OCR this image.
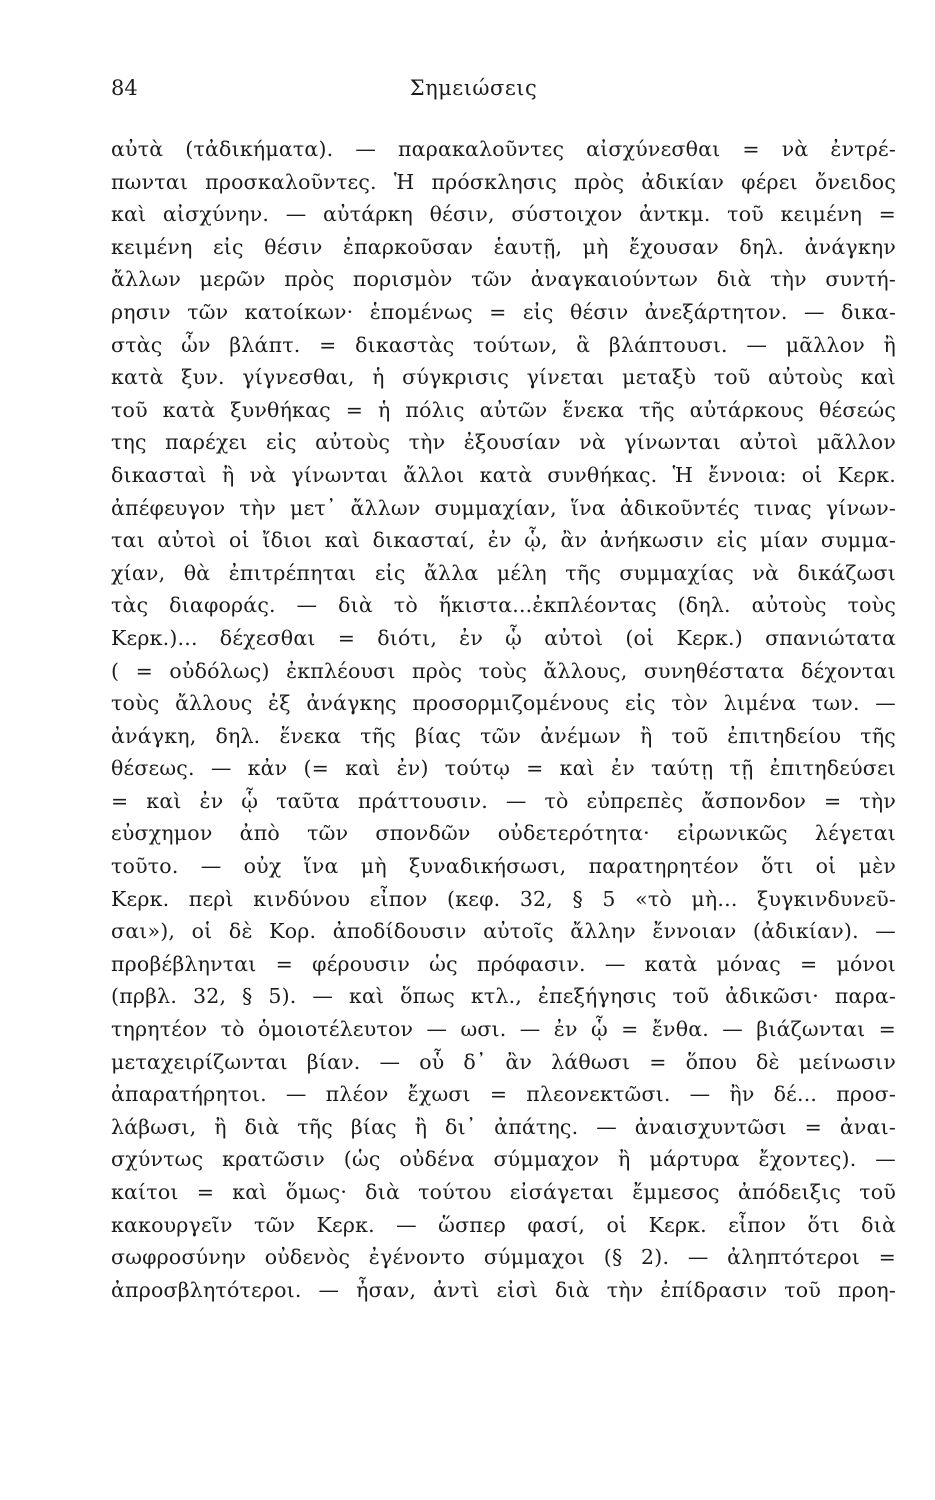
Σημειώσεις
84
αὐτὰ (τἀδικήματα). — παρακαλοῦντες αἰσχύνεσθαι = νὰ ἐντρέ-
πωνται προσκαλοῦντες. Ἡ πρόσκλησις πρὸς ἀδικίαν φέρει ὄνειδος
καὶ αἰσχύνην. — αὐτάρκη θέσιν, σύστοιχον ἀντκμ. τοῦ κειμένη =
κειμένη εἰς θέσιν ἐπαρκοῦσαν ἑαυτῇ, μὴ ἔχουσαν δηλ. ἀνάγκην
ἄλλων μερῶν πρὸς πορισμὸν τῶν ἀναγκαιούντων διὰ τὴν συντή-
ρησιν τῶν κατοίκων· ἑπομένως = εἰς θέσιν ἀνεξάρτητον. — δικα-
στὰς ὧν βλάπτ. = δικαστὰς τούτων, ἃ βλάπτουσι. — μᾶλλον ἢ
κατὰ ξυν. γίγνεσθαι, ἡ σύγκρισις γίνεται μεταξὺ τοῦ αὐτοὺς καὶ
τοῦ κατὰ ξυνθήκας = ἡ πόλις αὐτῶν ἕνεκα τῆς αὐτάρκους θέσεώς
της παρέχει εἰς αὐτοὺς τὴν ἐξουσίαν νὰ γίνωνται αὐτοὶ μᾶλλον
δικασταὶ ἢ νὰ γίνωνται ἄλλοι κατὰ συνθήκας. Ἡ ἔννοια: οἱ Κερκ.
ἀπέφευγον τὴν μετ᾽ ἄλλων συμμαχίαν, ἵνα ἀδικοῦντές τινας γίνων-
ται αὐτοὶ οἱ ἴδιοι καὶ δικασταί, ἐν ᾧ, ἂν ἀνήκωσιν εἰς μίαν συμμα-
χίαν, θὰ ἐπιτρέπηται εἰς ἄλλα μέλη τῆς συμμαχίας νὰ δικάζωσι
τὰς διαφοράς. — διὰ τὸ ἥκιστα...ἐκπλέοντας (δηλ. αὐτοὺς τοὺς
Κερκ.)... δέχεσθαι = διότι, ἐν ᾧ αὐτοὶ (οἱ Κερκ.) σπανιώτατα
( = οὐδόλως) ἐκπλέουσι πρὸς τοὺς ἄλλους, συνηθέστατα δέχονται
τοὺς ἄλλους ἐξ ἀνάγκης προσορμιζομένους εἰς τὸν λιμένα των. —
ἀνάγκη, δηλ. ἕνεκα τῆς βίας τῶν ἀνέμων ἢ τοῦ ἐπιτηδείου τῆς
θέσεως. — κἀν (= καὶ ἐν) τούτῳ = καὶ ἐν ταύτῃ τῇ ἐπιτηδεύσει
= καὶ ἐν ᾧ ταῦτα πράττουσιν. — τὸ εὐπρεπὲς ἄσπονδον = τὴν
εὐσχημον ἀπὸ τῶν σπονδῶν οὐδετερότητα· εἰρωνικῶς λέγεται
τοῦτο. — οὐχ ἵνα μὴ ξυναδικήσωσι, παρατηρητέον ὅτι οἱ μὲν
Κερκ. περὶ κινδύνου εἶπον (κεφ. 32, § 5 «τὸ μὴ... ξυγκινδυνεῦ-
σαι»), οἱ δὲ Κορ. ἀποδίδουσιν αὐτοῖς ἄλλην ἔννοιαν (ἀδικίαν). —
προβέβληνται = φέρουσιν ὡς πρόφασιν. — κατὰ μόνας = μόνοι
(πρβλ. 32, § 5). — καὶ ὅπως κτλ., ἐπεξήγησις τοῦ ἀδικῶσι· παρα-
τηρητέον τὸ ὁμοιοτέλευτον — ωσι. — ἐν ᾧ = ἔνθα. — βιάζωνται =
μεταχειρίζωνται βίαν. — οὗ δ᾽ ἂν λάθωσι = ὅπου δὲ μείνωσιν
ἀπαρατήρητοι. — πλέον ἔχωσι = πλεονεκτῶσι. — ἢν δέ... προσ-
λάβωσι, ἢ διὰ τῆς βίας ἢ δι᾽ ἀπάτης. — ἀναισχυντῶσι = ἀναι-
σχύντως κρατῶσιν (ὡς οὐδένα σύμμαχον ἢ μάρτυρα ἔχοντες). —
καίτοι = καὶ ὅμως· διὰ τούτου εἰσάγεται ἔμμεσος ἀπόδειξις τοῦ
κακουργεῖν τῶν Κερκ. — ὥσπερ φασί, οἱ Κερκ. εἶπον ὅτι διὰ
σωφροσύνην οὐδενὸς ἐγένοντο σύμμαχοι (§ 2). — ἀληπτότεροι =
ἀπροσβλητότεροι. — ἦσαν, ἀντὶ εἰσὶ διὰ τὴν ἐπίδρασιν τοῦ προη-
